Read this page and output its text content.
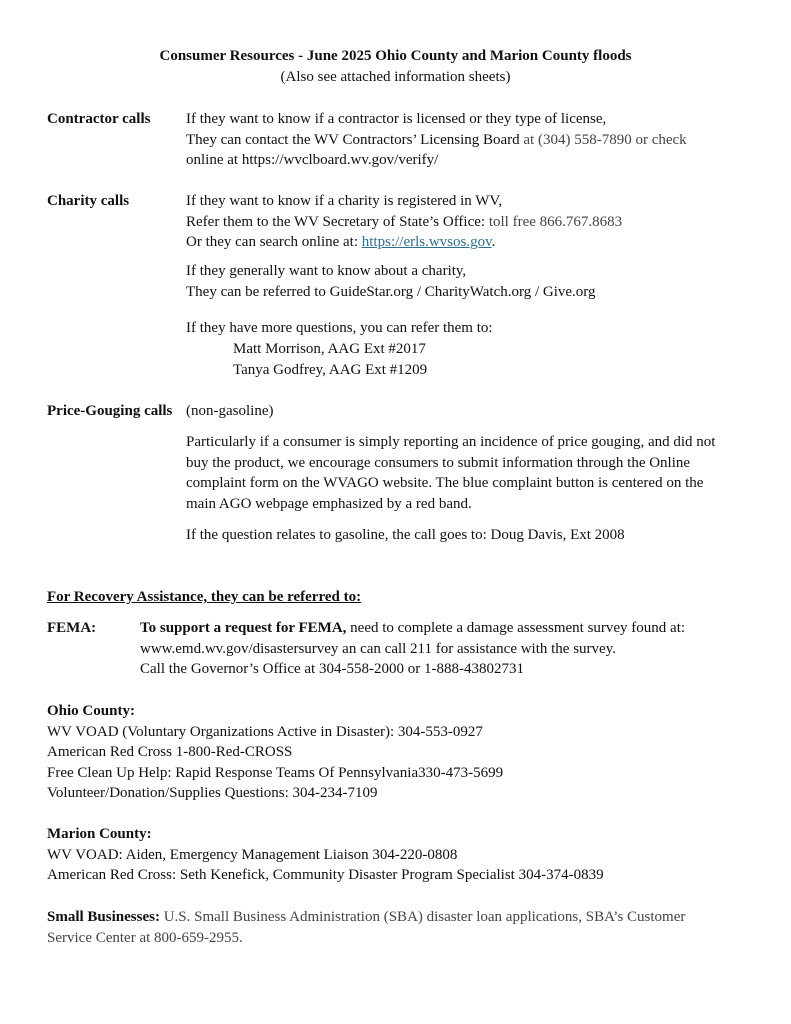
Consumer Resources - June 2025 Ohio County and Marion County floods
(Also see attached information sheets)
Contractor calls If they want to know if a contractor is licensed or they type of license,
They can contact the WV Contractors’ Licensing Board at (304) 558-7890 or check
online at https://wvclboard.wv.gov/verify/
Charity calls	If they want to know if a charity is registered in WV,
Refer them to the WV Secretary of State’s Office: toll free 866.767.8683
Or they can search online at: https://erls.wvsos.gov.
If they generally want to know about a charity,
They can be referred to GuideStar.org / CharityWatch.org / Give.org
If they have more questions, you can refer them to:
Matt Morrison, AAG Ext #2017
Tanya Godfrey, AAG Ext #1209
Price-Gouging calls (non-gasoline)
Particularly if a consumer is simply reporting an incidence of price gouging, and did not
buy the product, we encourage consumers to submit information through the Online
complaint form on the WVAGO website. The blue complaint button is centered on the
main AGO webpage emphasized by a red band.
If the question relates to gasoline, the call goes to: Doug Davis, Ext 2008
For Recovery Assistance, they can be referred to:
FEMA:	To support a request for FEMA, need to complete a damage assessment survey found at:
www.emd.wv.gov/disastersurvey an can call 211 for assistance with the survey.
Call the Governor’s Office at 304-558-2000 or 1-888-43802731
Ohio County:
WV VOAD (Voluntary Organizations Active in Disaster): 304-553-0927
American Red Cross 1-800-Red-CROSS
Free Clean Up Help: Rapid Response Teams Of Pennsylvania330-473-5699
Volunteer/Donation/Supplies Questions: 304-234-7109
Marion County:
WV VOAD: Aiden, Emergency Management Liaison 304-220-0808
American Red Cross: Seth Kenefick, Community Disaster Program Specialist 304-374-0839
Small Businesses: U.S. Small Business Administration (SBA) disaster loan applications, SBA’s Customer
Service Center at 800-659-2955.
